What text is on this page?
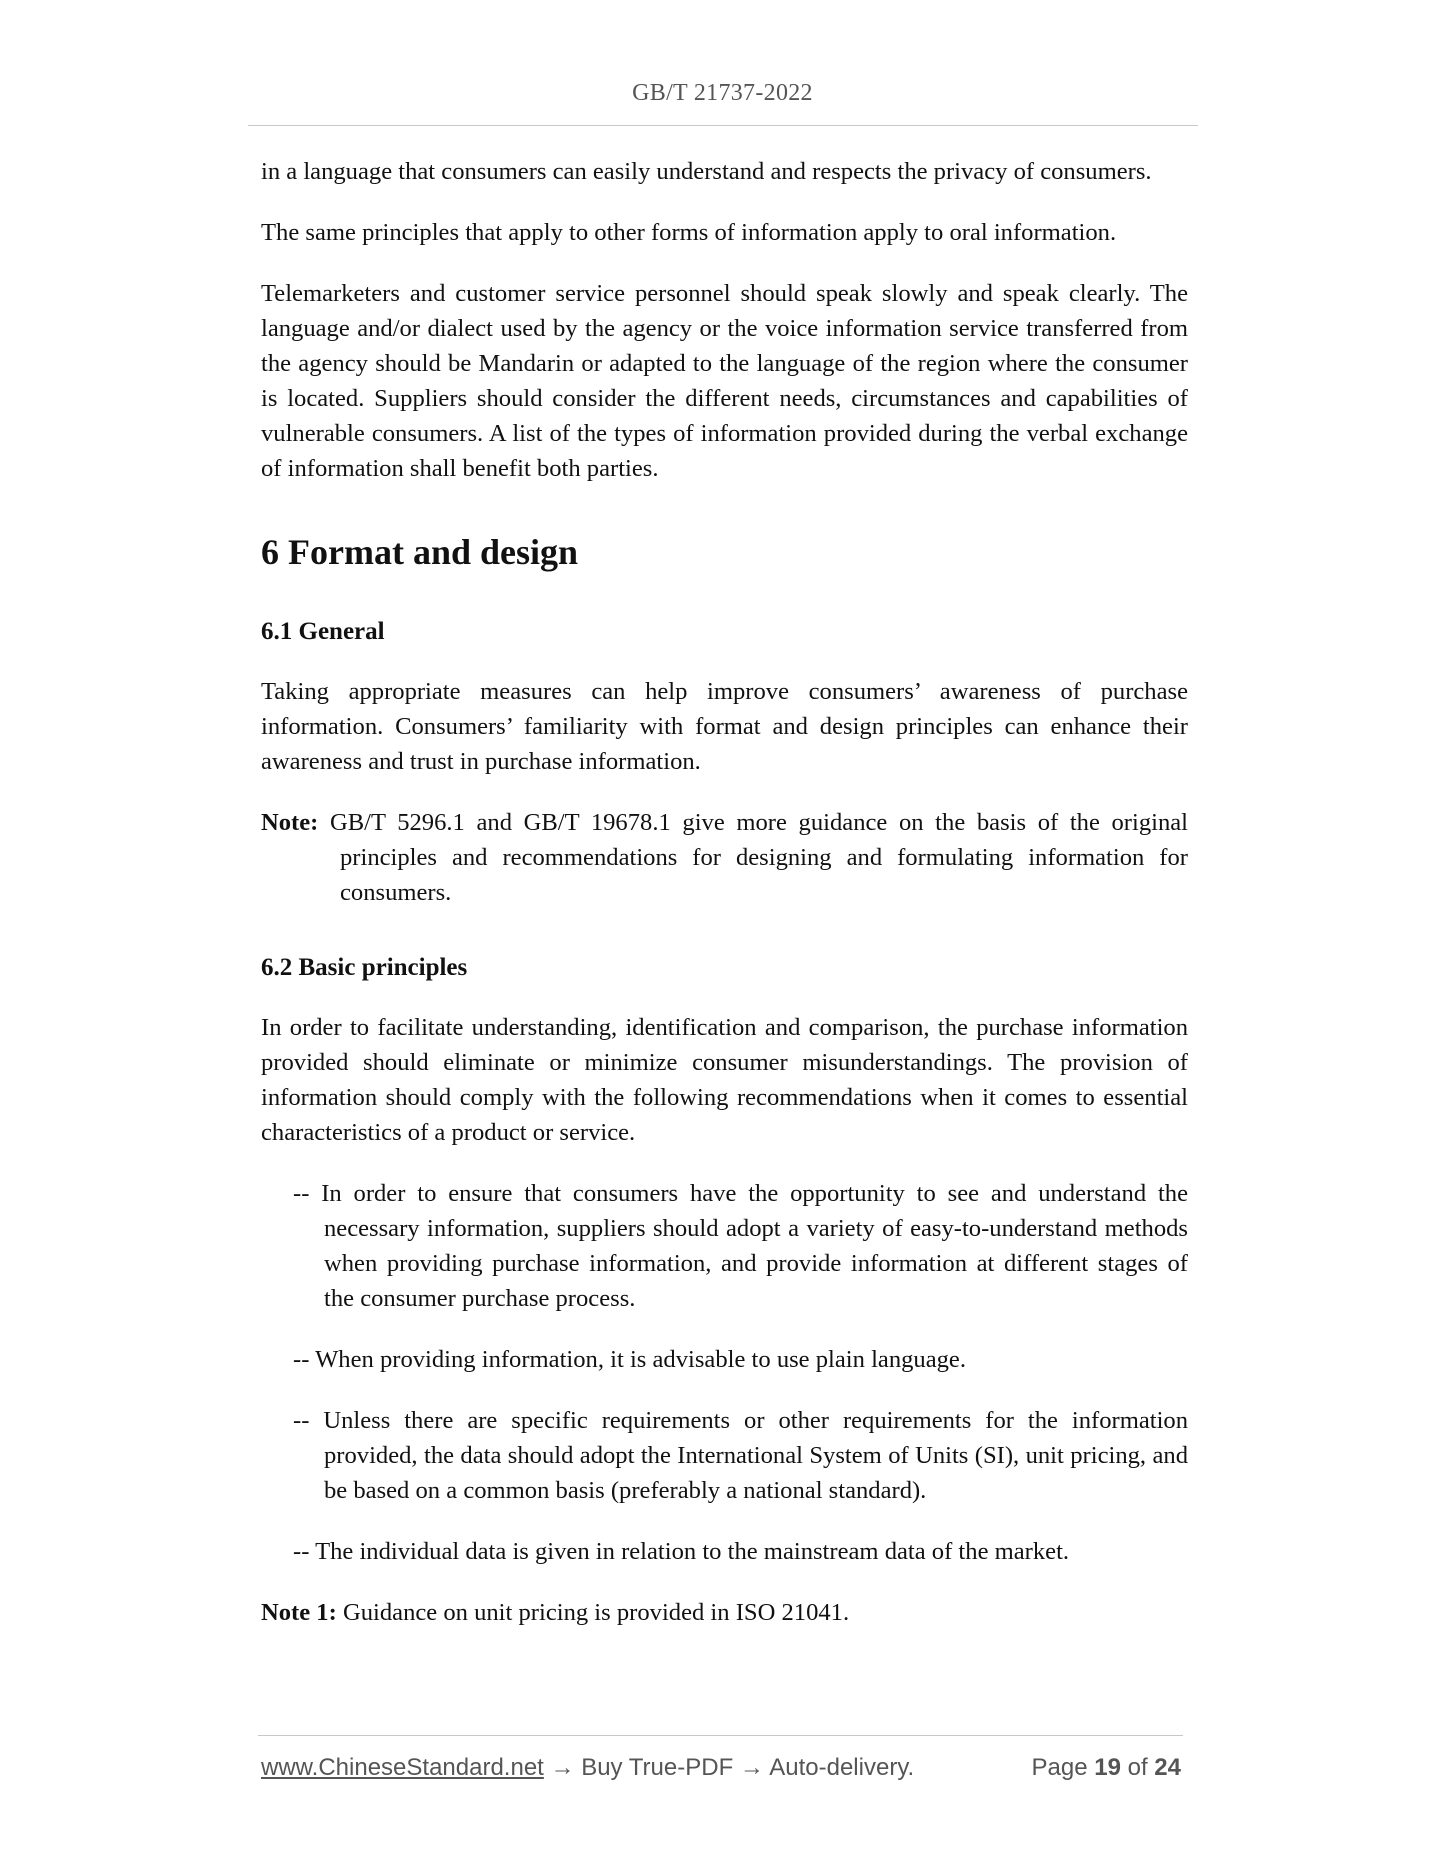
GB/T 21737-2022

in a language that consumers can easily understand and respects the privacy of consumers.

The same principles that apply to other forms of information apply to oral information.

Telemarketers and customer service personnel should speak slowly and speak clearly. The language and/or dialect used by the agency or the voice information service transferred from the agency should be Mandarin or adapted to the language of the region where the consumer is located. Suppliers should consider the different needs, circumstances and capabilities of vulnerable consumers. A list of the types of information provided during the verbal exchange of information shall benefit both parties.

6 Format and design
6.1 General

Taking appropriate measures can help improve consumers’ awareness of purchase information. Consumers’ familiarity with format and design principles can enhance their awareness and trust in purchase information.

Note: GB/T 5296.1 and GB/T 19678.1 give more guidance on the basis of the original principles and recommendations for designing and formulating information for consumers.

6.2 Basic principles

In order to facilitate understanding, identification and comparison, the purchase information provided should eliminate or minimize consumer misunderstandings. The provision of information should comply with the following recommendations when it comes to essential characteristics of a product or service.

-- In order to ensure that consumers have the opportunity to see and understand the necessary information, suppliers should adopt a variety of easy-to-understand methods when providing purchase information, and provide information at different stages of the consumer purchase process.

-- When providing information, it is advisable to use plain language.

-- Unless there are specific requirements or other requirements for the information provided, the data should adopt the International System of Units (SI), unit pricing, and be based on a common basis (preferably a national standard).

-- The individual data is given in relation to the mainstream data of the market.

Note 1: Guidance on unit pricing is provided in ISO 21041.

www.ChineseStandard.net → Buy True-PDF → Auto-delivery.	Page 19 of 24
